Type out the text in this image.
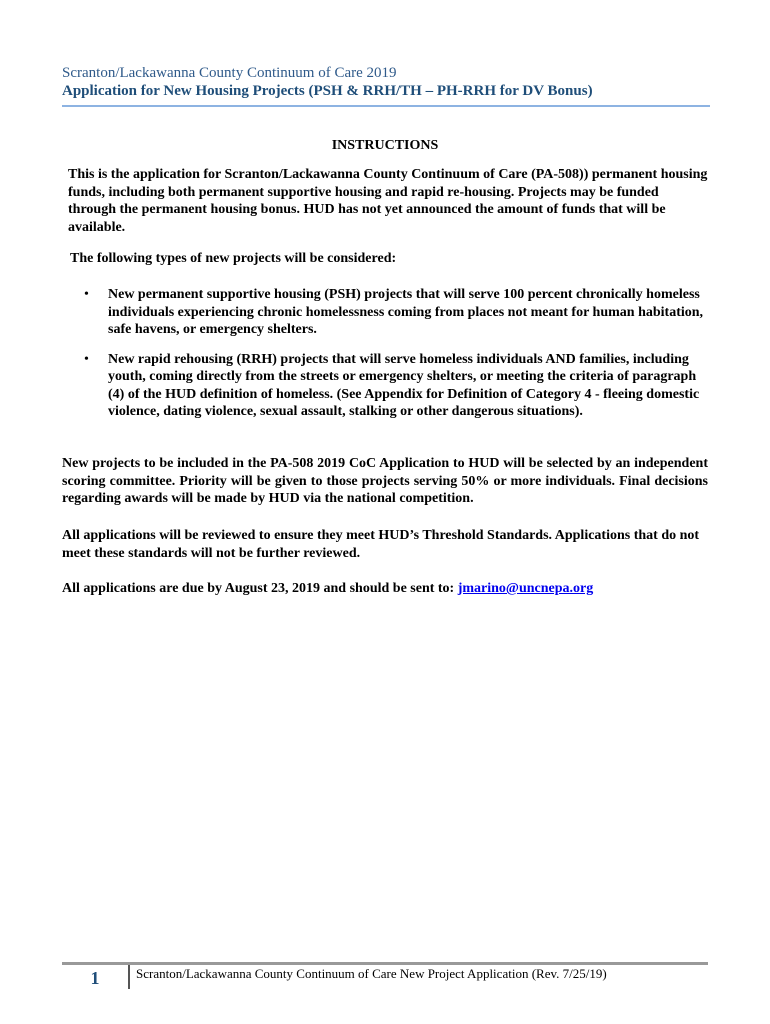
Scranton/Lackawanna County Continuum of Care 2019
Application for New Housing Projects (PSH & RRH/TH – PH-RRH for DV Bonus)
INSTRUCTIONS
This is the application for Scranton/Lackawanna County Continuum of Care (PA-508)) permanent housing funds, including both permanent supportive housing and rapid re-housing. Projects may be funded through the permanent housing bonus. HUD has not yet announced the amount of funds that will be available.
The following types of new projects will be considered:
• New permanent supportive housing (PSH) projects that will serve 100 percent chronically homeless individuals experiencing chronic homelessness coming from places not meant for human habitation, safe havens, or emergency shelters.
• New rapid rehousing (RRH) projects that will serve homeless individuals AND families, including youth, coming directly from the streets or emergency shelters, or meeting the criteria of paragraph (4) of the HUD definition of homeless. (See Appendix for Definition of Category 4 - fleeing domestic violence, dating violence, sexual assault, stalking or other dangerous situations).
New projects to be included in the PA-508 2019 CoC Application to HUD will be selected by an independent scoring committee. Priority will be given to those projects serving 50% or more individuals. Final decisions regarding awards will be made by HUD via the national competition.
All applications will be reviewed to ensure they meet HUD’s Threshold Standards. Applications that do not meet these standards will not be further reviewed.
All applications are due by August 23, 2019 and should be sent to: jmarino@uncnepa.org
1	Scranton/Lackawanna County Continuum of Care New Project Application (Rev. 7/25/19)
